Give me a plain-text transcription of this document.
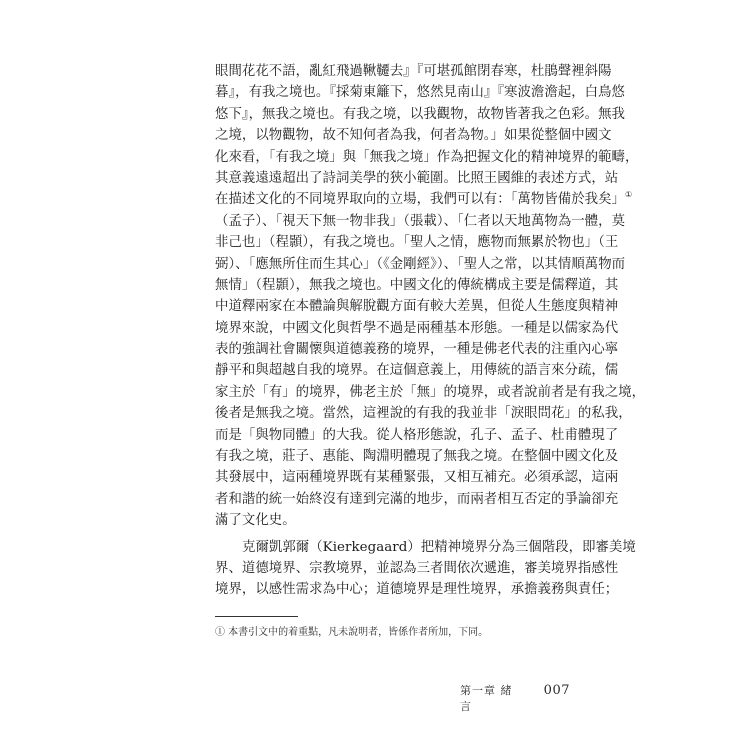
眼間花花不語，亂紅飛過鞦韆去』『可堪孤館閉春寒，杜鵑聲裡斜陽
暮』，有我之境也。『採菊東籬下，悠然見南山』『寒波澹澹起，白鳥悠
悠下』，無我之境也。有我之境，以我觀物，故物皆著我之色彩。無我
之境，以物觀物，故不知何者為我，何者為物。」如果從整個中國文
化來看，「有我之境」與「無我之境」作為把握文化的精神境界的範疇，
其意義遠遠超出了詩詞美學的狹小範圍。比照王國維的表述方式，站
在描述文化的不同境界取向的立場，我們可以有：「萬物皆備於我矣」①
（孟子）、「視天下無一物非我」（張載）、「仁者以天地萬物為一體，莫
非己也」（程顥），有我之境也。「聖人之情，應物而無累於物也」（王
弼）、「應無所住而生其心」（《金剛經》）、「聖人之常，以其情順萬物而
無情」（程顥），無我之境也。中國文化的傳統構成主要是儒釋道，其
中道釋兩家在本體論與解脫觀方面有較大差異，但從人生態度與精神
境界來說，中國文化與哲學不過是兩種基本形態。一種是以儒家為代
表的強調社會關懷與道德義務的境界，一種是佛老代表的注重內心寧
靜平和與超越自我的境界。在這個意義上，用傳統的語言來分疏，儒
家主於「有」的境界，佛老主於「無」的境界，或者說前者是有我之境，
後者是無我之境。當然，這裡說的有我的我並非「淚眼問花」的私我，
而是「與物同體」的大我。從人格形態說，孔子、孟子、杜甫體現了
有我之境，莊子、惠能、陶淵明體現了無我之境。在整個中國文化及
其發展中，這兩種境界既有某種緊張，又相互補充。必須承認，這兩
者和諧的統一始終沒有達到完滿的地步，而兩者相互否定的爭論卻充
滿了文化史。
克爾凱郭爾（Kierkegaard）把精神境界分為三個階段，即審美境
界、道德境界、宗教境界，並認為三者間依次遞進，審美境界指感性
境界，以感性需求為中心；道德境界是理性境界，承擔義務與責任；
① 本書引文中的着重點，凡未說明者，皆係作者所加，下同。
第一章 緒 言
007
